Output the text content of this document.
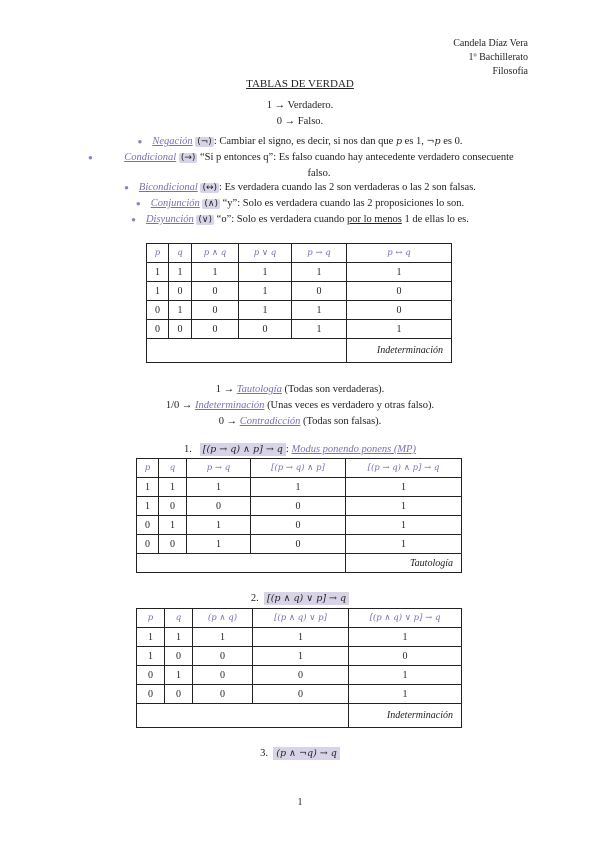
Candela Díaz Vera
1º Bachillerato
Filosofía
TABLAS DE VERDAD
1 → Verdadero.
0 → Falso.
● Negación (¬) : Cambiar el signo, es decir, si nos dan que p es 1, ¬p es 0.
●	Condicional (→) “Si p entonces q”: Es falso cuando hay antecedente verdadero consecuente
falso.
● Bicondicional (↔) : Es verdadera cuando las 2 son verdaderas o las 2 son falsas.
● Conjunción (∧) “y”: Solo es verdadera cuando las 2 proposiciones lo son.
● Disyunción (∨) “o”: Solo es verdadera cuando por lo menos 1 de ellas lo es.
p	q	p ∧ q	p ∨ q	p → q	p ↔ q
1	1	1	1	1	1
1	0	0	1	0	0
0	1	0	1	1	0
0	0	0	0	1	1
					Indeterminación
1 → Tautología (Todas son verdaderas).
1/0 → Indeterminación (Unas veces es verdadero y otras falso).
0 → Contradicción (Todas son falsas).
1. [(p → q) ∧ p] → q : Modus ponendo ponens (MP)
p	q	p → q	[(p → q) ∧ p]	[(p → q) ∧ p] → q
1	1	1	1	1
1	0	0	0	1
0	1	1	0	1
0	0	1	0	1
				Tautología
2. [(p ∧ q) ∨ p] → q
p	q	(p ∧ q)	[(p ∧ q) ∨ p]	[(p ∧ q) ∨ p] → q
1	1	1	1	1
1	0	0	1	0
0	1	0	0	1
0	0	0	0	1
				Indeterminación
3. (p ∧ ¬q) → q
1
